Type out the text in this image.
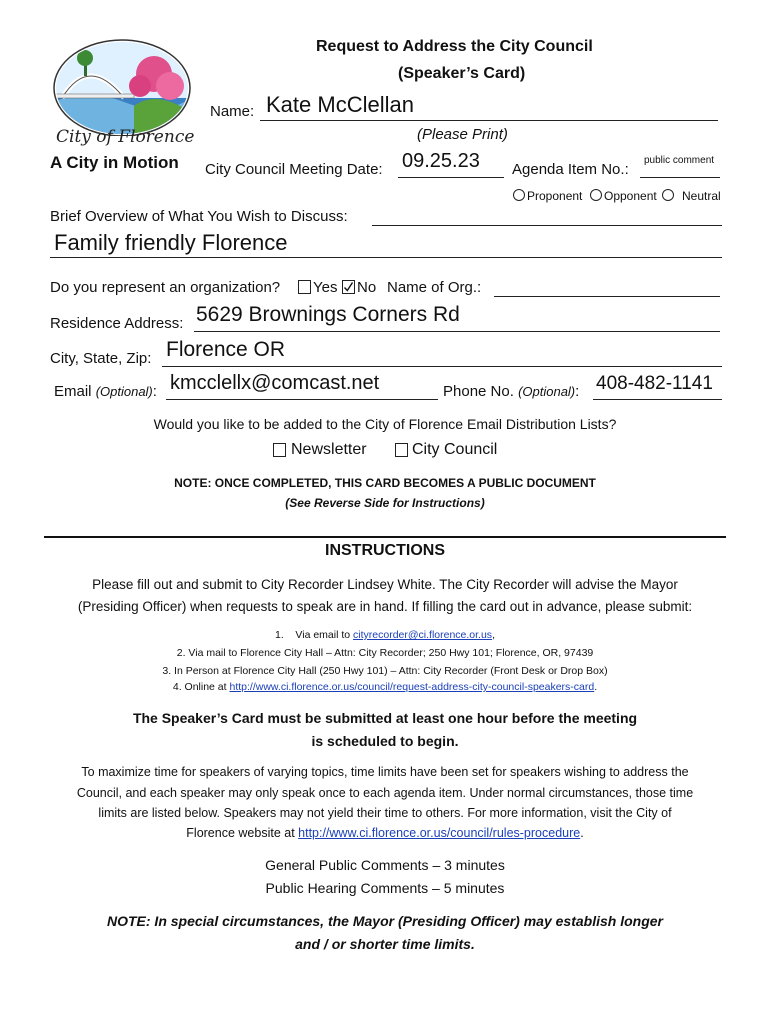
City of Florence
A City in Motion
Request to Address the City Council
(Speaker’s Card)
Name: Kate McClellan
(Please Print)
City Council Meeting Date: 09.25.23 Agenda Item No.:
public comment
Proponent Opponent Neutral
Brief Overview of What You Wish to Discuss:
Family friendly Florence
Do you represent an organization? Yes No Name of Org.:
Residence Address: 5629 Brownings Corners Rd
City, State, Zip: Florence OR
Email (Optional): kmcclellx@comcast.net	Phone No. (Optional): 408-482-1141
Would you like to be added to the City of Florence Email Distribution Lists?
Newsletter	City Council
NOTE: ONCE COMPLETED, THIS CARD BECOMES A PUBLIC DOCUMENT
(See Reverse Side for Instructions)
INSTRUCTIONS
Please fill out and submit to City Recorder Lindsey White. The City Recorder will advise the Mayor
(Presiding Officer) when requests to speak are in hand. If filling the card out in advance, please submit:
1.    Via email to cityrecorder@ci.florence.or.us,
2. Via mail to Florence City Hall – Attn: City Recorder; 250 Hwy 101; Florence, OR, 97439
3. In Person at Florence City Hall (250 Hwy 101) – Attn: City Recorder (Front Desk or Drop Box)
4. Online at http://www.ci.florence.or.us/council/request-address-city-council-speakers-card.
The Speaker’s Card must be submitted at least one hour before the meeting
is scheduled to begin.
To maximize time for speakers of varying topics, time limits have been set for speakers wishing to address the
Council, and each speaker may only speak once to each agenda item. Under normal circumstances, those time
limits are listed below. Speakers may not yield their time to others. For more information, visit the City of
Florence website at http://www.ci.florence.or.us/council/rules-procedure.
General Public Comments – 3 minutes
Public Hearing Comments – 5 minutes
NOTE: In special circumstances, the Mayor (Presiding Officer) may establish longer
and / or shorter time limits.
